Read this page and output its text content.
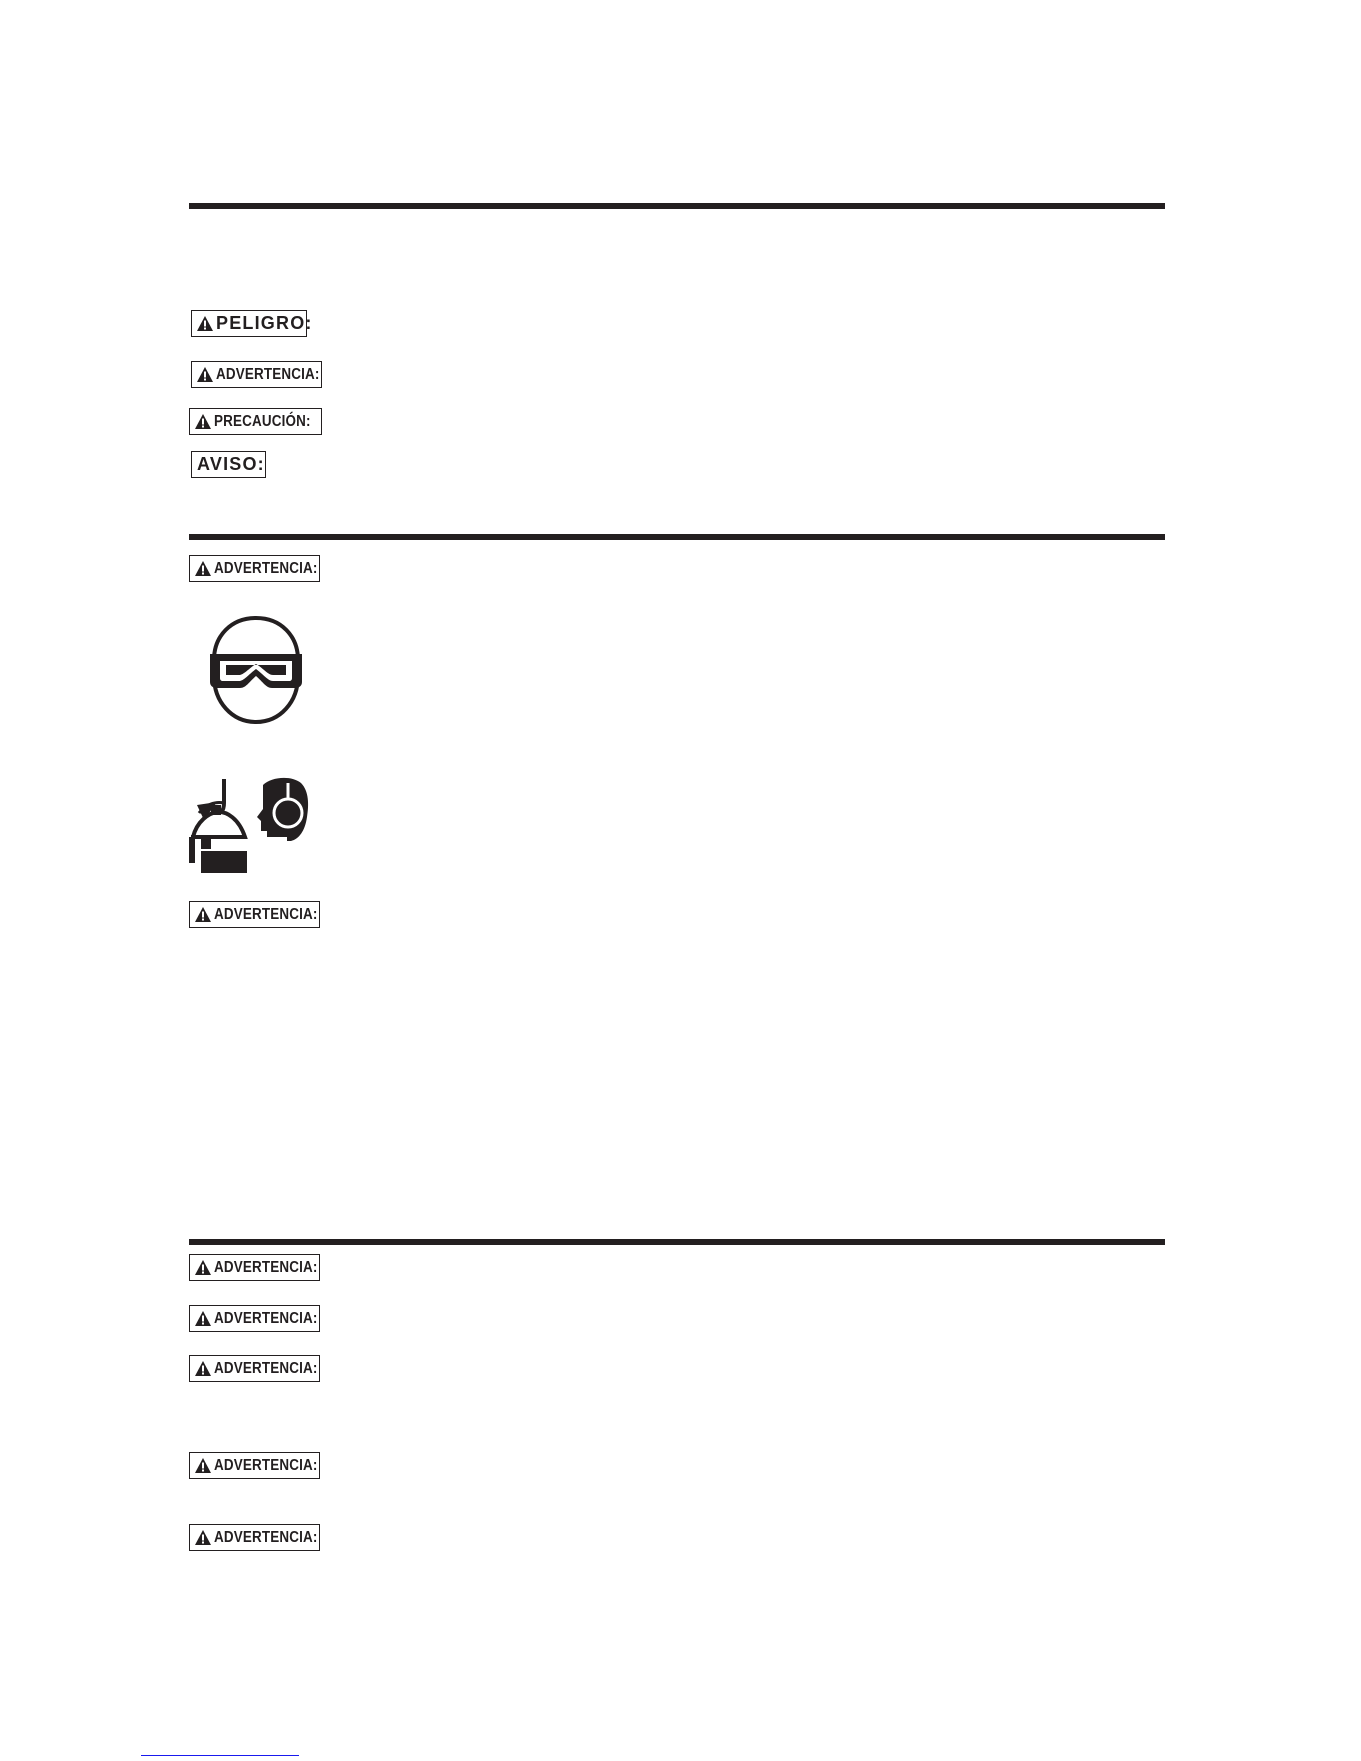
PELIGRO:
ADVERTENCIA:
PRECAUCIÓN:
AVISO:
ADVERTENCIA:
ADVERTENCIA:
ADVERTENCIA:
ADVERTENCIA:
ADVERTENCIA:
ADVERTENCIA:
ADVERTENCIA:
